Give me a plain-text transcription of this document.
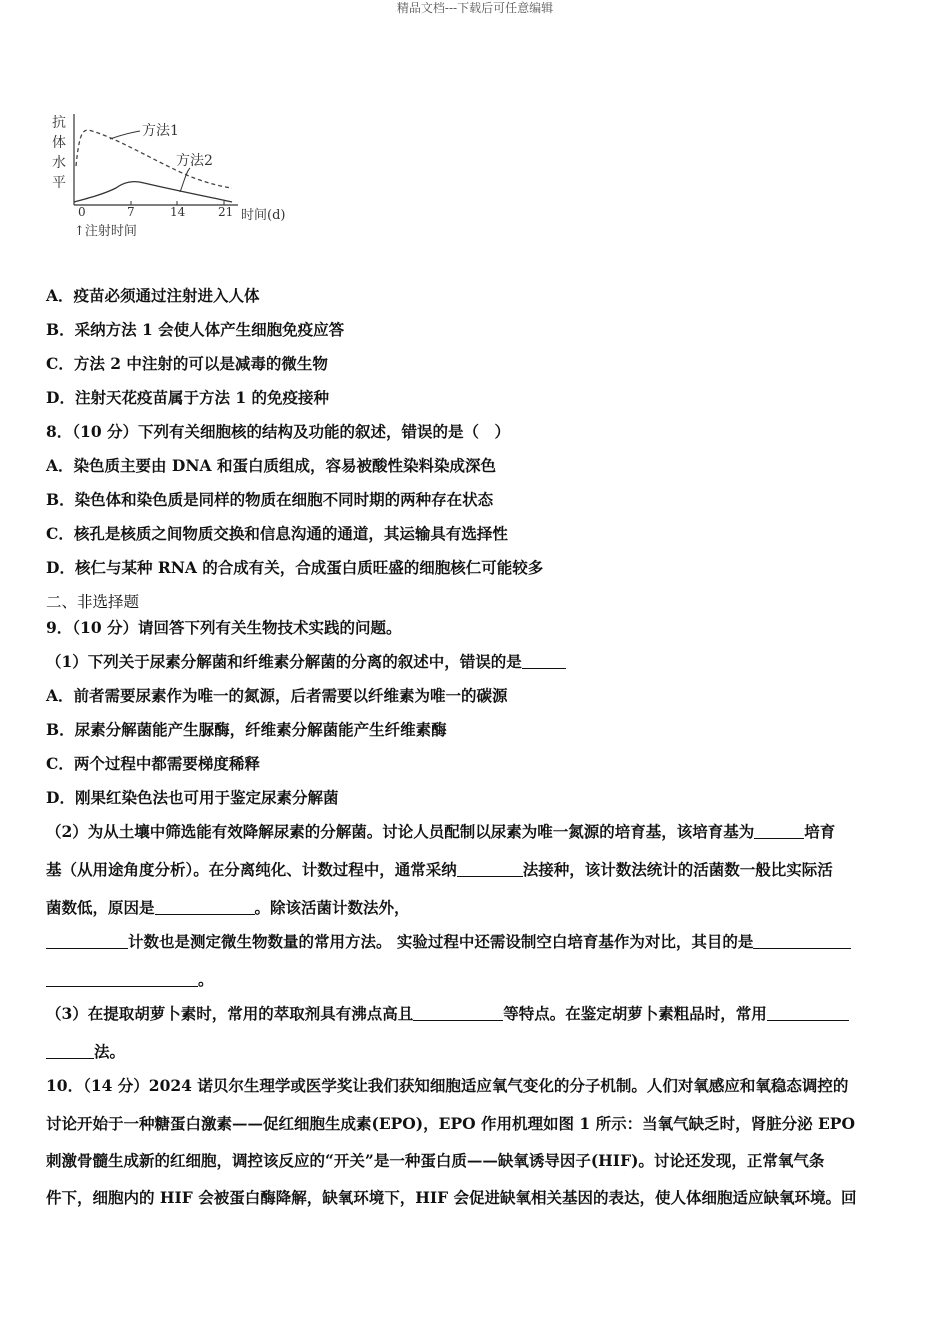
精品文档---下载后可任意编辑
抗
体
水
平
0	7	14	21 时间(d)
↑注射时间
方法1
方法2
A．疫苗必须通过注射进入人体
B．采纳方法 1 会使人体产生细胞免疫应答
C．方法 2 中注射的可以是减毒的微生物
D．注射天花疫苗属于方法 1 的免疫接种
8．（10 分）下列有关细胞核的结构及功能的叙述，错误的是（　）
A．染色质主要由 DNA 和蛋白质组成，容易被酸性染料染成深色
B．染色体和染色质是同样的物质在细胞不同时期的两种存在状态
C．核孔是核质之间物质交换和信息沟通的通道，其运输具有选择性
D．核仁与某种 RNA 的合成有关，合成蛋白质旺盛的细胞核仁可能较多
二、非选择题
9．（10 分）请回答下列有关生物技术实践的问题。
（1）下列关于尿素分解菌和纤维素分解菌的分离的叙述中，错误的是
A．前者需要尿素作为唯一的氮源，后者需要以纤维素为唯一的碳源
B．尿素分解菌能产生脲酶，纤维素分解菌能产生纤维素酶
C．两个过程中都需要梯度稀释
D．刚果红染色法也可用于鉴定尿素分解菌
（2）为从土壤中筛选能有效降解尿素的分解菌。讨论人员配制以尿素为唯一氮源的培育基，该培育基为	培育
基（从用途角度分析）。在分离纯化、计数过程中，通常采纳	法接种，该计数法统计的活菌数一般比实际活
菌数低，原因是	。除该活菌计数法外，
计数也是测定微生物数量的常用方法。 实验过程中还需设制空白培育基作为对比，其目的是
。
（3）在提取胡萝卜素时，常用的萃取剂具有沸点高且	等特点。在鉴定胡萝卜素粗品时，常用
法。
10．（14 分）2024 诺贝尔生理学或医学奖让我们获知细胞适应氧气变化的分子机制。人们对氧感应和氧稳态调控的
讨论开始于一种糖蛋白激素——促红细胞生成素(EPO)，EPO 作用机理如图 1 所示：当氧气缺乏时，肾脏分泌 EPO
刺激骨髓生成新的红细胞，调控该反应的“开关”是一种蛋白质——缺氧诱导因子(HIF)。讨论还发现，正常氧气条
件下，细胞内的 HIF 会被蛋白酶降解，缺氧环境下，HIF 会促进缺氧相关基因的表达，使人体细胞适应缺氧环境。回
